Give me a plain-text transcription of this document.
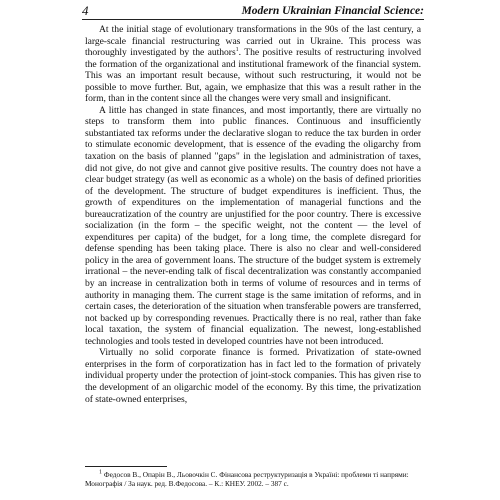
4	Modern Ukrainian Financial Science:

At the initial stage of evolutionary transformations in the 90s of the last century, a large-scale financial restructuring was carried out in Ukraine. This process was thoroughly investigated by the authors$^1$. The positive results of restructuring involved the formation of the organizational and institutional framework of the financial system. This was an important result because, without such restructuring, it would not be possible to move further. But, again, we emphasize that this was a result rather in the form, than in the content since all the changes were very small and insignificant.

A little has changed in state finances, and most importantly, there are virtually no steps to transform them into public finances. Continuous and insufficiently substantiated tax reforms under the declarative slogan to reduce the tax burden in order to stimulate economic development, that is essence of the evading the oligarchy from taxation on the basis of planned "gaps" in the legislation and administration of taxes, did not give, do not give and cannot give positive results. The country does not have a clear budget strategy (as well as economic as a whole) on the basis of defined priorities of the development. The structure of budget expenditures is inefficient. Thus, the growth of expenditures on the implementation of managerial functions and the bureaucratization of the country are unjustified for the poor country. There is excessive socialization (in the form – the specific weight, not the content — the level of expenditures per capita) of the budget, for a long time, the complete disregard for defense spending has been taking place. There is also no clear and well-considered policy in the area of government loans. The structure of the budget system is extremely irrational – the never-ending talk of fiscal decentralization was constantly accompanied by an increase in centralization both in terms of volume of resources and in terms of authority in managing them. The current stage is the same imitation of reforms, and in certain cases, the deterioration of the situation when transferable powers are transferred, not backed up by corresponding revenues. Practically there is no real, rather than fake local taxation, the system of financial equalization. The newest, long-established technologies and tools tested in developed countries have not been introduced.

Virtually no solid corporate finance is formed. Privatization of state-owned enterprises in the form of corporatization has in fact led to the formation of privately individual property under the protection of joint-stock companies. This has given rise to the development of an oligarchic model of the economy. By this time, the privatization of state-owned enterprises,

$^1$ Федосов В., Опарін В., Льовочкін С. Фінансова реструктуризація в Україні: проблеми ті напрями: Монографія / За наук. ред. В.Федосова. – К.: КНЕУ. 2002. – 387 с.
